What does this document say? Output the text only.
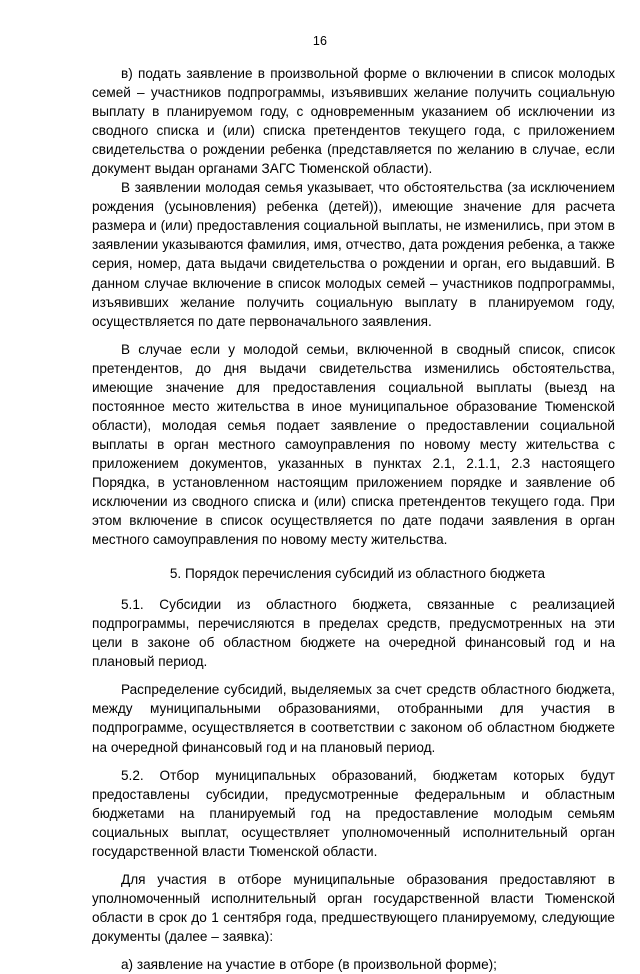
16

в) подать заявление в произвольной форме о включении в список молодых семей – участников подпрограммы, изъявивших желание получить социальную выплату в планируемом году, с одновременным указанием об исключении из сводного списка и (или) списка претендентов текущего года, с приложением свидетельства о рождении ребенка (представляется по желанию в случае, если документ выдан органами ЗАГС Тюменской области).

В заявлении молодая семья указывает, что обстоятельства (за исключением рождения (усыновления) ребенка (детей)), имеющие значение для расчета размера и (или) предоставления социальной выплаты, не изменились, при этом в заявлении указываются фамилия, имя, отчество, дата рождения ребенка, а также серия, номер, дата выдачи свидетельства о рождении и орган, его выдавший. В данном случае включение в список молодых семей – участников подпрограммы, изъявивших желание получить социальную выплату в планируемом году, осуществляется по дате первоначального заявления.

В случае если у молодой семьи, включенной в сводный список, список претендентов, до дня выдачи свидетельства изменились обстоятельства, имеющие значение для предоставления социальной выплаты (выезд на постоянное место жительства в иное муниципальное образование Тюменской области), молодая семья подает заявление о предоставлении социальной выплаты в орган местного самоуправления по новому месту жительства с приложением документов, указанных в пунктах 2.1, 2.1.1, 2.3 настоящего Порядка, в установленном настоящим приложением порядке и заявление об исключении из сводного списка и (или) списка претендентов текущего года. При этом включение в список осуществляется по дате подачи заявления в орган местного самоуправления по новому месту жительства.

5. Порядок перечисления субсидий из областного бюджета

5.1. Субсидии из областного бюджета, связанные с реализацией подпрограммы, перечисляются в пределах средств, предусмотренных на эти цели в законе об областном бюджете на очередной финансовый год и на плановый период.

Распределение субсидий, выделяемых за счет средств областного бюджета, между муниципальными образованиями, отобранными для участия в подпрограмме, осуществляется в соответствии с законом об областном бюджете на очередной финансовый год и на плановый период.

5.2. Отбор муниципальных образований, бюджетам которых будут предоставлены субсидии, предусмотренные федеральным и областным бюджетами на планируемый год на предоставление молодым семьям социальных выплат, осуществляет уполномоченный исполнительный орган государственной власти Тюменской области.

Для участия в отборе муниципальные образования предоставляют в уполномоченный исполнительный орган государственной власти Тюменской области в срок до 1 сентября года, предшествующего планируемому, следующие документы (далее – заявка):

а) заявление на участие в отборе (в произвольной форме);
